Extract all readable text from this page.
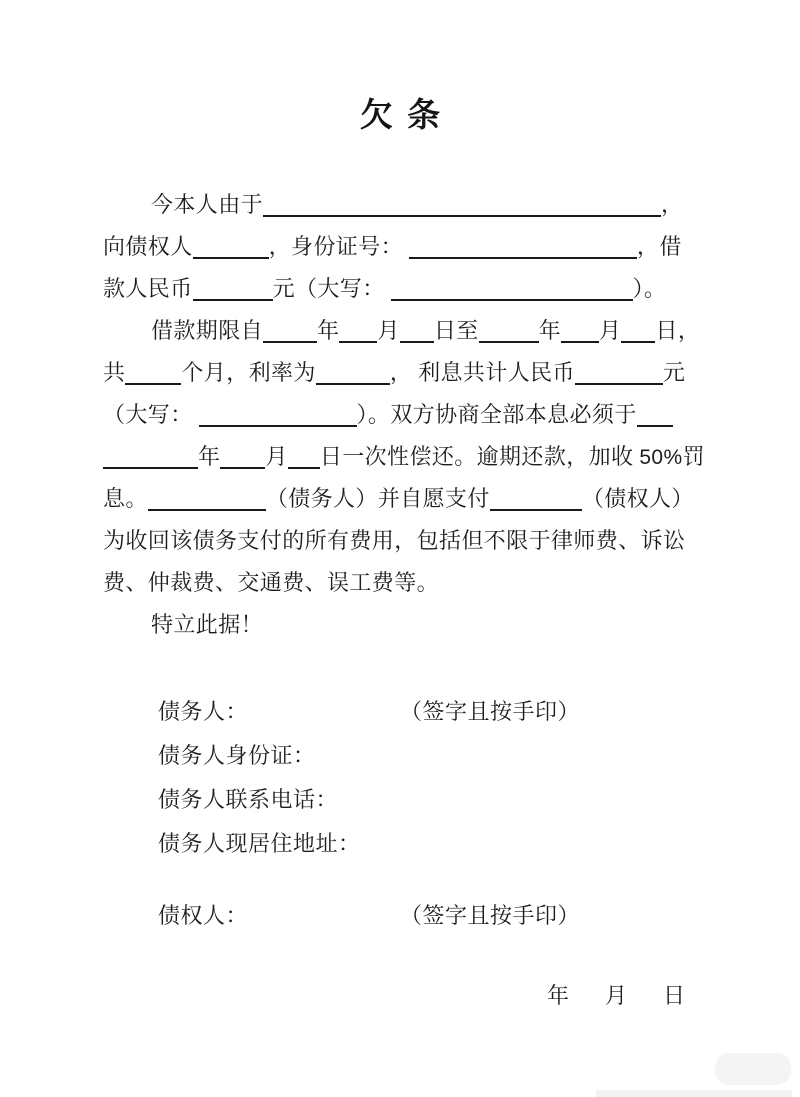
欠 条
今本人由于	，
向债权人	，身份证号：	，借
款人民币	元（大写：	）。
借款期限自 年 月 日至	年 月 日，
共	个月，利率为	， 利息共计人民币	元
（大写：	）。双方协商全部本息必须于
年 月 日一次性偿还。逾期还款，加收 50%罚
息。	（债务人）并自愿支付	（债权人）
为收回该债务支付的所有费用，包括但不限于律师费、诉讼
费、仲裁费、交通费、误工费等。
特立此据！
债务人：	（签字且按手印）
债务人身份证：
债务人联系电话：
债务人现居住地址：
债权人：	（签字且按手印）
年 月 日
